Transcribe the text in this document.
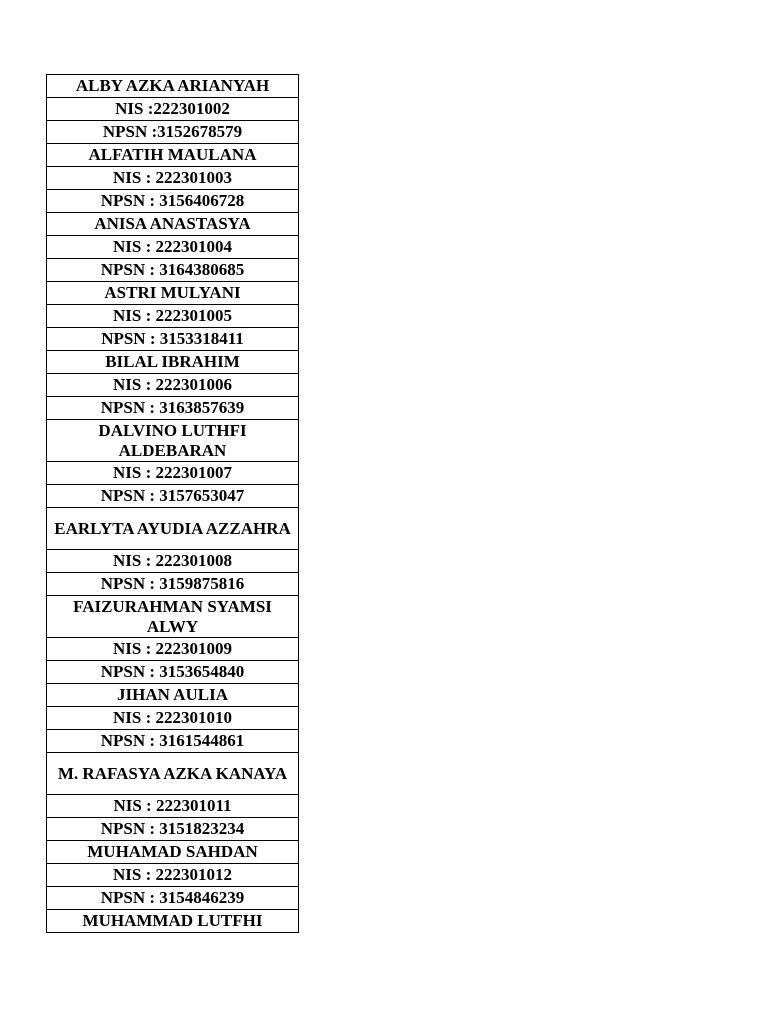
ALBY AZKA ARIANYAH
NIS :222301002
NPSN :3152678579
ALFATIH MAULANA
NIS : 222301003
NPSN : 3156406728
ANISA ANASTASYA
NIS : 222301004
NPSN : 3164380685
ASTRI MULYANI
NIS : 222301005
NPSN : 3153318411
BILAL IBRAHIM
NIS : 222301006
NPSN : 3163857639
DALVINO LUTHFI ALDEBARAN
NIS : 222301007
NPSN : 3157653047
EARLYTA AYUDIA AZZAHRA
NIS : 222301008
NPSN : 3159875816
FAIZURAHMAN SYAMSI ALWY
NIS : 222301009
NPSN : 3153654840
JIHAN AULIA
NIS : 222301010
NPSN : 3161544861
M. RAFASYA AZKA KANAYA
NIS : 222301011
NPSN : 3151823234
MUHAMAD SAHDAN
NIS : 222301012
NPSN : 3154846239
MUHAMMAD LUTFHI
